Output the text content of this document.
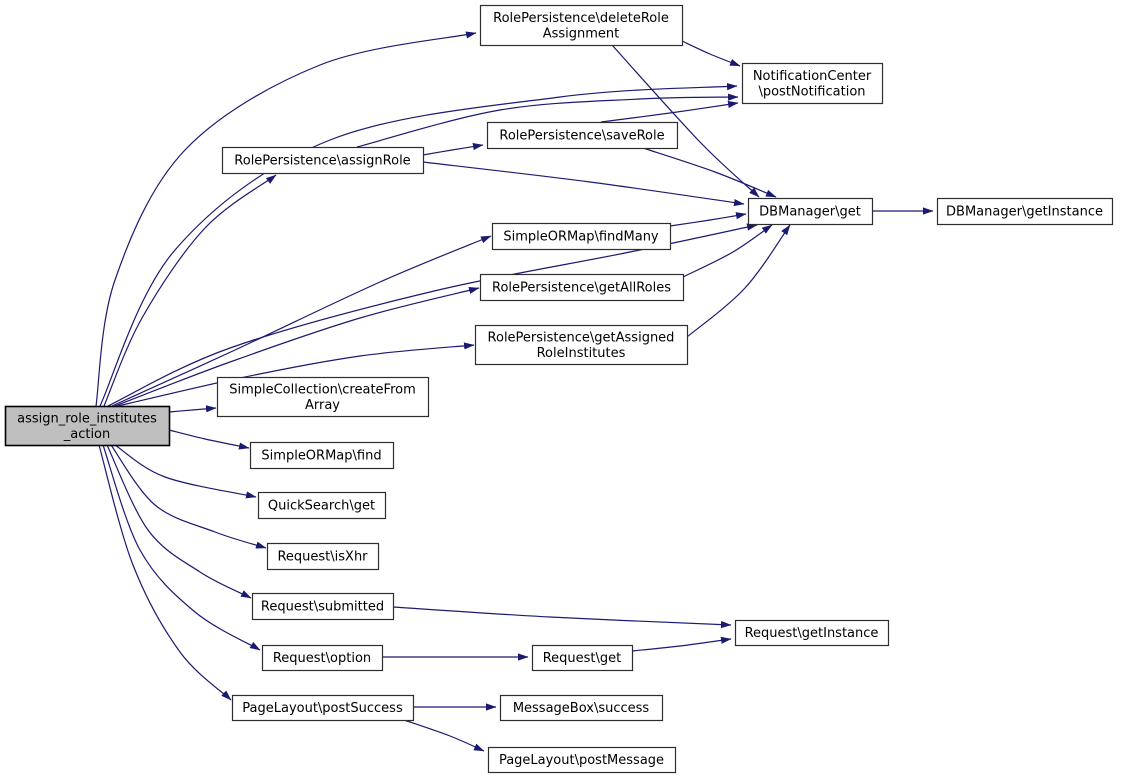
assign_role_institutes _action
RolePersistence\deleteRole Assignment
NotificationCenter \postNotification
RolePersistence\assignRole
RolePersistence\saveRole
DBManager\get	DBManager\getInstance
SimpleORMap\findMany
RolePersistence\getAllRoles
RolePersistence\getAssigned RoleInstitutes
SimpleCollection\createFrom Array
SimpleORMap\find
QuickSearch\get
Request\isXhr
Request\submitted
Request\option	Request\get
Request\getInstance
PageLayout\postSuccess	MessageBox\success
PageLayout\postMessage
